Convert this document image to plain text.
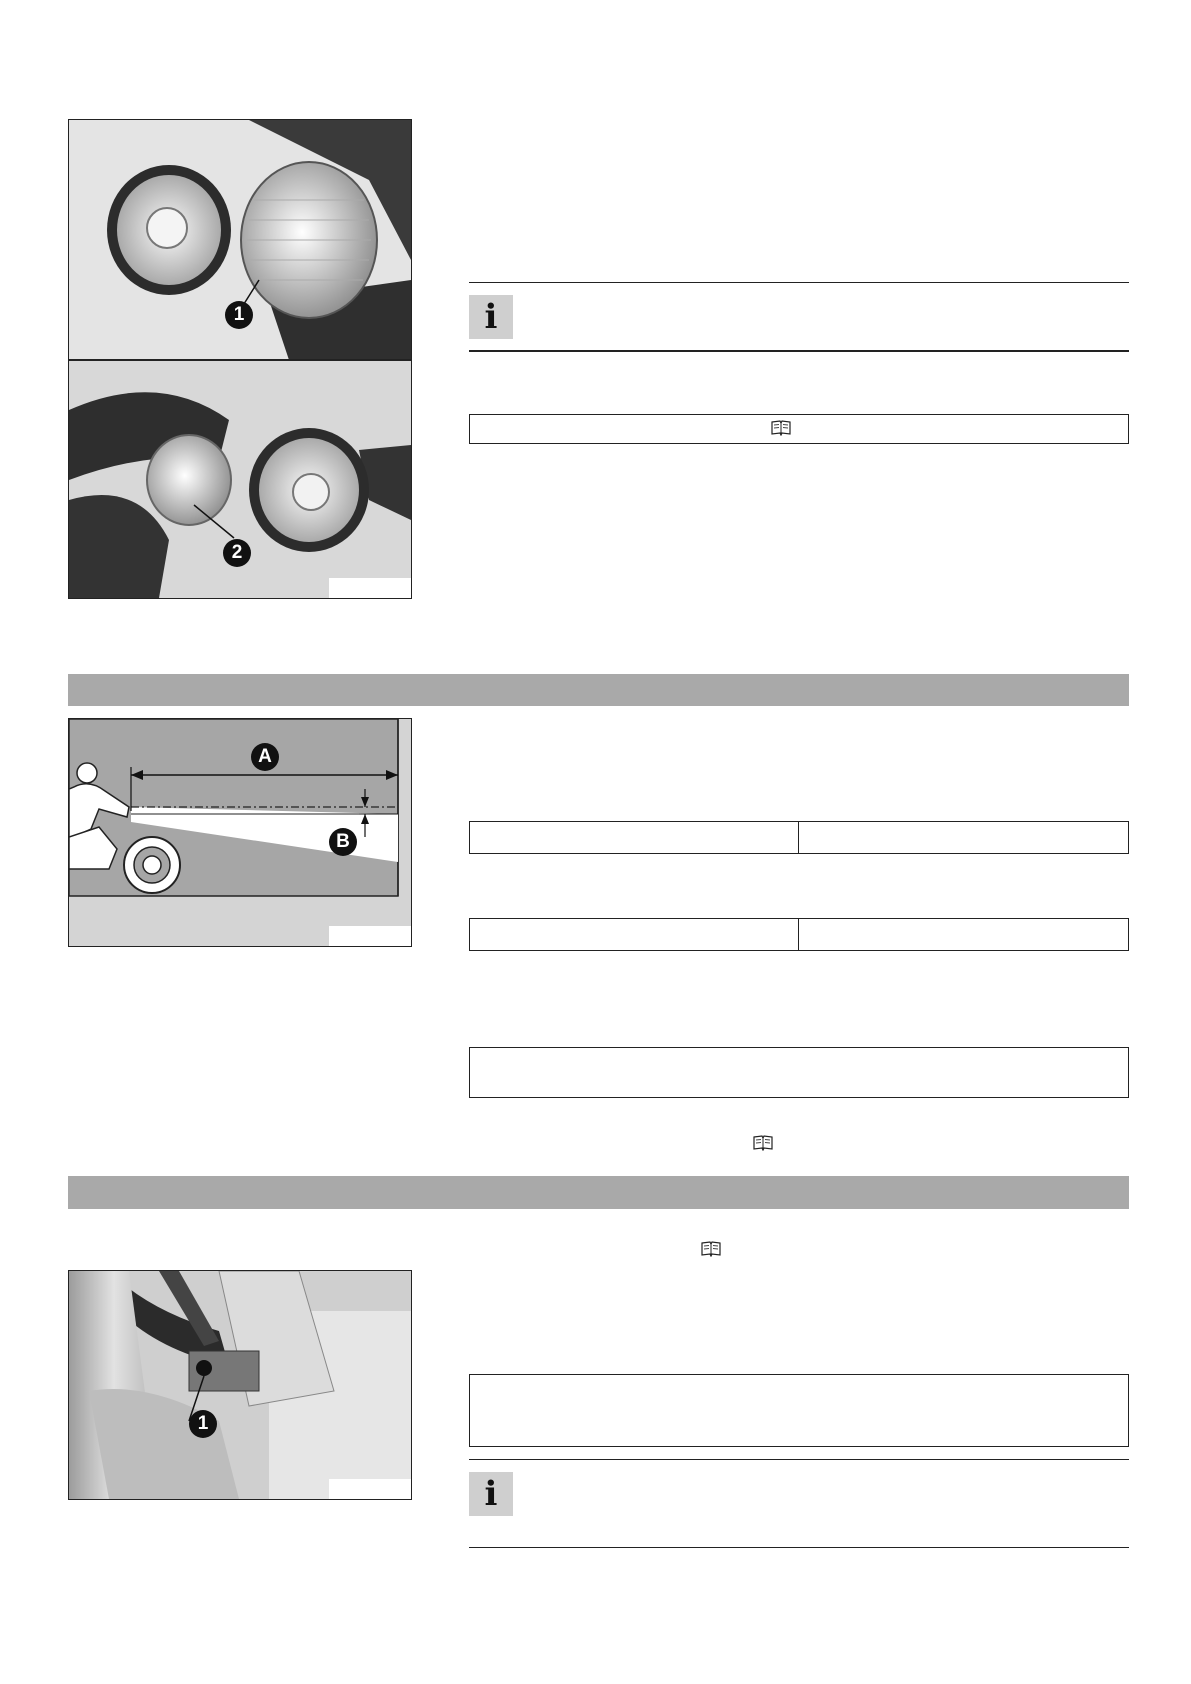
1
2
i
A
B
1
i
